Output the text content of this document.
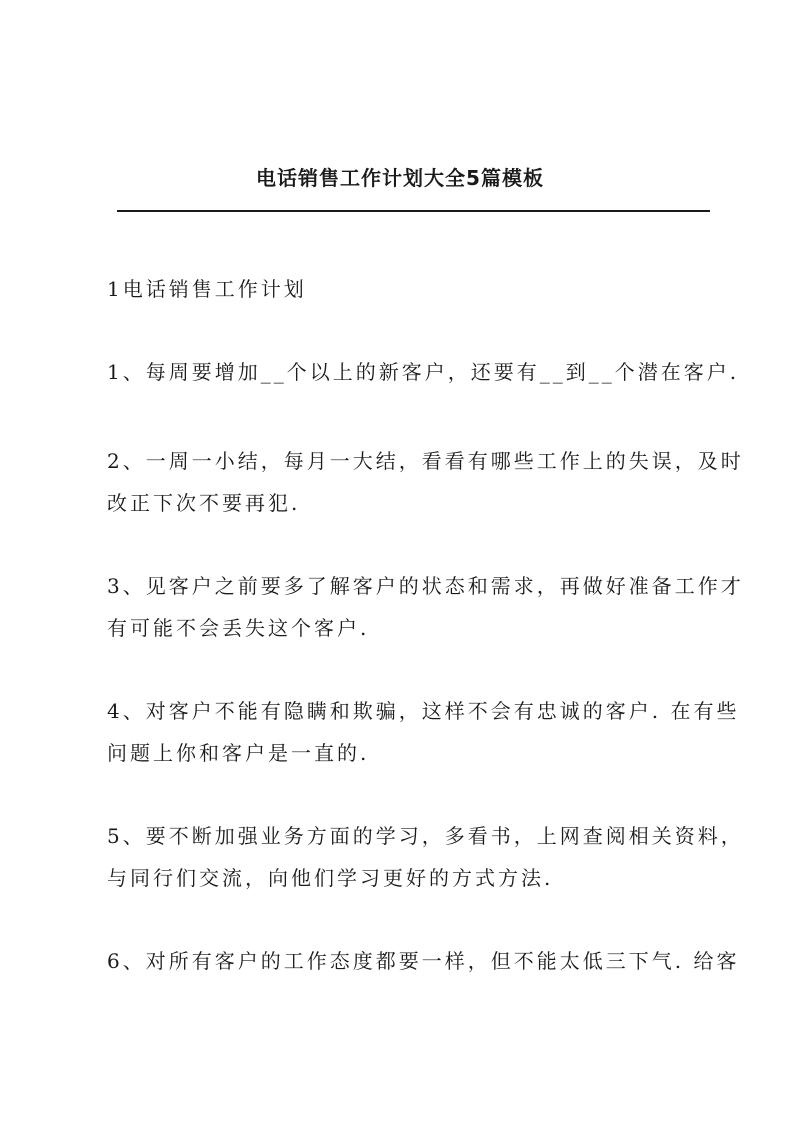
电话销售工作计划大全5篇模板
1电话销售工作计划
1、每周要增加__个以上的新客户，还要有__到__个潜在客户.
2、一周一小结，每月一大结，看看有哪些工作上的失误，及时
改正下次不要再犯.
3、见客户之前要多了解客户的状态和需求，再做好准备工作才
有可能不会丢失这个客户.
4、对客户不能有隐瞒和欺骗，这样不会有忠诚的客户. 在有些
问题上你和客户是一直的.
5、要不断加强业务方面的学习，多看书，上网查阅相关资料，
与同行们交流，向他们学习更好的方式方法.
6、对所有客户的工作态度都要一样，但不能太低三下气. 给客
